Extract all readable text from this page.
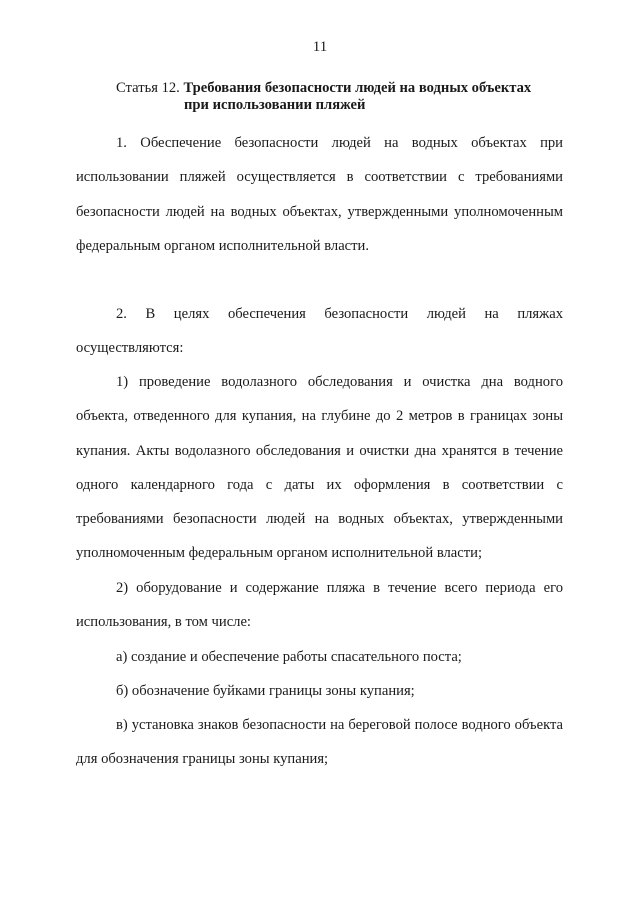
11
Статья 12. Требования безопасности людей на водных объектах
при использовании пляжей

1. Обеспечение безопасности людей на водных объектах при использовании пляжей осуществляется в соответствии с требованиями безопасности людей на водных объектах, утвержденными уполномоченным федеральным органом исполнительной власти.

2. В целях обеспечения безопасности людей на пляжах осуществляются:

1) проведение водолазного обследования и очистка дна водного объекта, отведенного для купания, на глубине до 2 метров в границах зоны купания. Акты водолазного обследования и очистки дна хранятся в течение одного календарного года с даты их оформления в соответствии с требованиями безопасности людей на водных объектах, утвержденными уполномоченным федеральным органом исполнительной власти;

2) оборудование и содержание пляжа в течение всего периода его использования, в том числе:

а) создание и обеспечение работы спасательного поста;

б) обозначение буйками границы зоны купания;

в) установка знаков безопасности на береговой полосе водного объекта для обозначения границы зоны купания;
